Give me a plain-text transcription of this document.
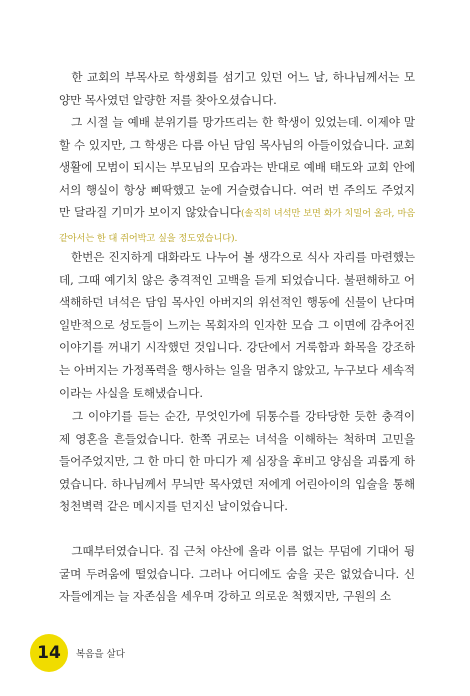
　한 교회의 부목사로 학생회를 섬기고 있던 어느 날, 하나님께서는 모양만 목사였던 알량한 저를 찾아오셨습니다.

　그 시절 늘 예배 분위기를 망가뜨리는 한 학생이 있었는데. 이제야 말할 수 있지만, 그 학생은 다름 아닌 담임 목사님의 아들이었습니다. 교회 생활에 모범이 되시는 부모님의 모습과는 반대로 예배 태도와 교회 안에서의 행실이 항상 삐딱했고 눈에 거슬렸습니다. 여러 번 주의도 주었지만 달라질 기미가 보이지 않았습니다(솔직히 녀석만 보면 화가 치밀어 올라, 마음 같아서는 한 대 쥐어박고 싶을 정도였습니다).

　한번은 진지하게 대화라도 나누어 볼 생각으로 식사 자리를 마련했는데, 그때 예기치 않은 충격적인 고백을 듣게 되었습니다. 불편해하고 어색해하던 녀석은 담임 목사인 아버지의 위선적인 행동에 신물이 난다며 일반적으로 성도들이 느끼는 목회자의 인자한 모습 그 이면에 감추어진 이야기를 꺼내기 시작했던 것입니다. 강단에서 거룩함과 화목을 강조하는 아버지는 가정폭력을 행사하는 일을 멈추지 않았고, 누구보다 세속적이라는 사실을 토해냈습니다.

　그 이야기를 듣는 순간, 무엇인가에 뒤통수를 강타당한 듯한 충격이 제 영혼을 흔들었습니다. 한쪽 귀로는 녀석을 이해하는 척하며 고민을 들어주었지만, 그 한 마디 한 마디가 제 심장을 후비고 양심을 괴롭게 하였습니다. 하나님께서 무늬만 목사였던 저에게 어린아이의 입술을 통해 청천벽력 같은 메시지를 던지신 날이었습니다.

　그때부터였습니다. 집 근처 야산에 올라 이름 없는 무덤에 기대어 뒹굴며 두려움에 떨었습니다. 그러나 어디에도 숨을 곳은 없었습니다. 신자들에게는 늘 자존심을 세우며 강하고 의로운 척했지만, 구원의 소

14	복음을 살다
